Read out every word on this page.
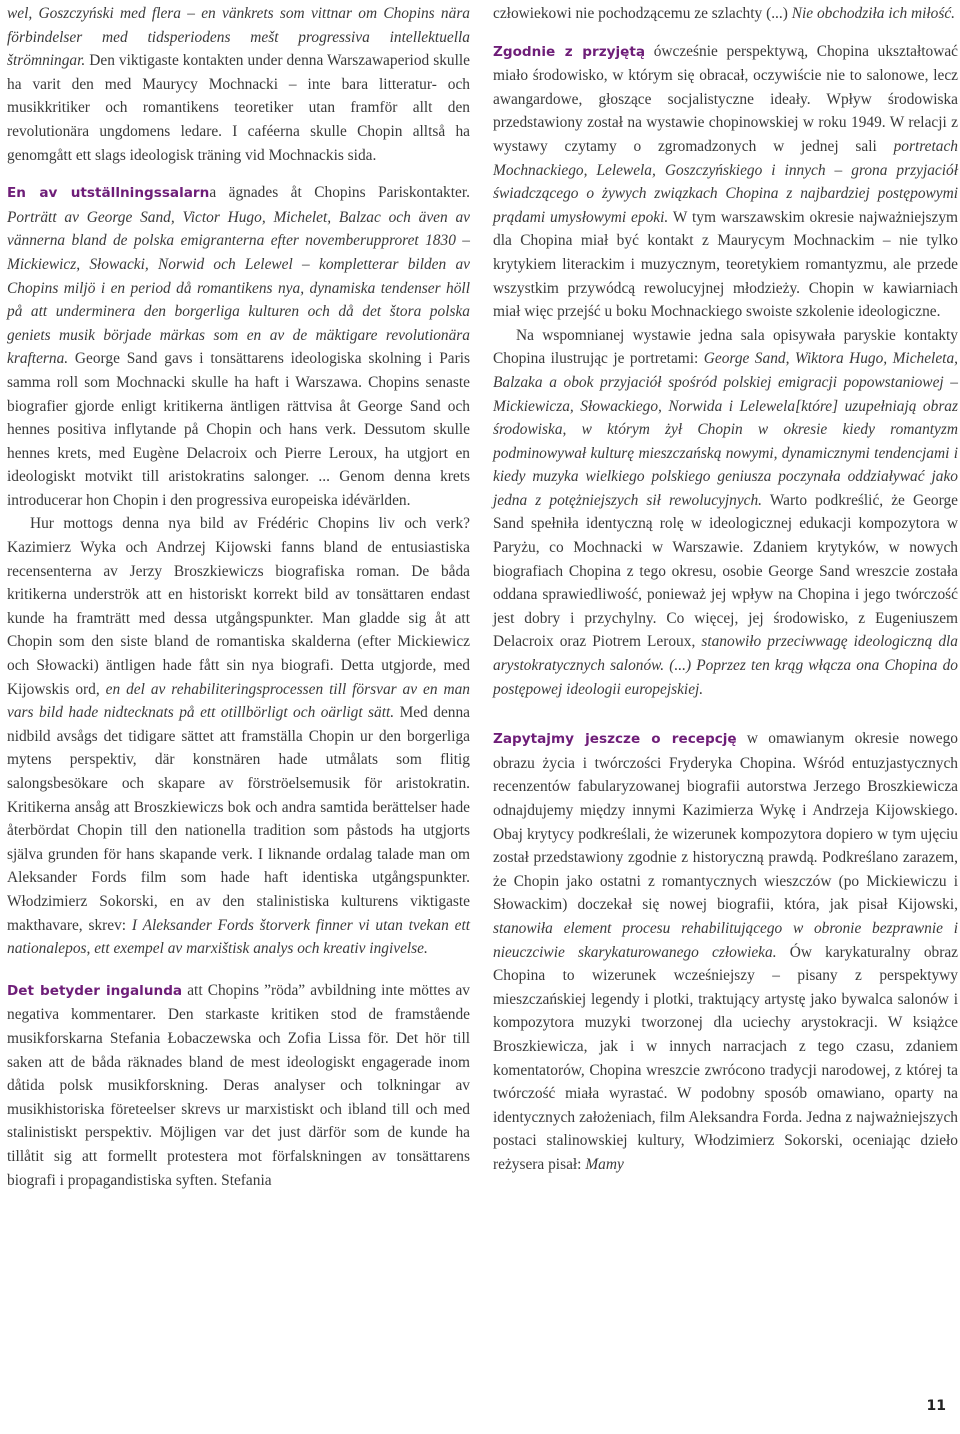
wel, Goszczyński med flera – en vänkrets som vittnar om Chopins nära förbindelser med tidsperiodens mešt progressiva intellektuella štrömningar. Den viktigaste kontakten under denna Warszawaperiod skulle ha varit den med Maurycy Mochnacki – inte bara litteratur- och musikkritiker och romantikens teoretiker utan framför allt den revolutionära ungdomens ledare. I caféerna skulle Chopin alltså ha genomgått ett slags ideologisk träning vid Mochnackis sida.

En av utställningssalarna ägnades åt Chopins Pariskontakter. Porträtt av George Sand, Victor Hugo, Michelet, Balzac och även av vännerna bland de polska emigranterna efter novemberupproret 1830 – Mickiewicz, Słowacki, Norwid och Lelewel – kompletterar bilden av Chopins miljö i en period då romantikens nya, dynamiska tendenser höll på att underminera den borgerliga kulturen och då det štora polska geniets musik började märkas som en av de mäktigare revolutionära krafterna. George Sand gavs i tonsättarens ideologiska skolning i Paris samma roll som Mochnacki skulle ha haft i Warszawa. Chopins senaste biografier gjorde enligt kritikerna äntligen rättvisa åt George Sand och hennes positiva inflytande på Chopin och hans verk. Dessutom skulle hennes krets, med Eugène Delacroix och Pierre Leroux, ha utgjort en ideologiskt motvikt till aristokratins salonger. ... Genom denna krets introducerar hon Chopin i den progressiva europeiska idévärlden.

Hur mottogs denna nya bild av Frédéric Chopins liv och verk? Kazimierz Wyka och Andrzej Kijowski fanns bland de entusiastiska recensenterna av Jerzy Broszkiewiczs biografiska roman. De båda kritikerna underströk att en historiskt korrekt bild av tonsättaren endast kunde ha framträtt med dessa utgångspunkter. Man gladde sig åt att Chopin som den siste bland de romantiska skalderna (efter Mickiewicz och Słowacki) äntligen hade fått sin nya biografi. Detta utgjorde, med Kijowskis ord, en del av rehabiliteringsprocessen till försvar av en man vars bild hade nidtecknats på ett otillbörligt och oärligt sätt. Med denna nidbild avsågs det tidigare sättet att framställa Chopin ur den borgerliga mytens perspektiv, där konstnären hade utmålats som flitig salongsbesökare och skapare av förströelsemusik för aristokratin. Kritikerna ansåg att Broszkiewiczs bok och andra samtida berättelser hade återbördat Chopin till den nationella tradition som påstods ha utgjorts själva grunden för hans skapande verk. I liknande ordalag talade man om Aleksander Fords film som hade haft identiska utgångspunkter. Włodzimierz Sokorski, en av den stalinistiska kulturens viktigaste makthavare, skrev: I Aleksander Fords štorverk finner vi utan tvekan ett nationalepos, ett exempel av marxištisk analys och kreativ ingivelse.

Det betyder ingalunda att Chopins ”röda” avbildning inte möttes av negativa kommentarer. Den starkaste kritiken stod de framstående musikforskarna Stefania Łobaczewska och Zofia Lissa för. Det hör till saken att de båda räknades bland de mest ideologiskt engagerade inom dåtida polsk musikforskning. Deras analyser och tolkningar av musikhistoriska företeelser skrevs ur marxistiskt och ibland till och med stalinistiskt perspektiv. Möjligen var det just därför som de kunde ha tillåtit sig att formellt protestera mot förfalskningen av tonsättarens biografi i propagandistiska syften. Stefania

człowiekowi nie pochodzącemu ze szlachty (...) Nie obchodziła ich miłość.

Zgodnie z przyjętą ówcześnie perspektywą, Chopina ukształtować miało środowisko, w którym się obracał, oczywiście nie to salonowe, lecz awangardowe, głoszące socjalistyczne ideały. Wpływ środowiska przedstawiony został na wystawie chopinowskiej w roku 1949. W relacji z wystawy czytamy o zgromadzonych w jednej sali portretach Mochnackiego, Lelewela, Goszczyńskiego i innych – grona przyjaciół świadczącego o żywych związkach Chopina z najbardziej postępowymi prądami umysłowymi epoki. W tym warszawskim okresie najważniejszym dla Chopina miał być kontakt z Maurycym Mochnackim – nie tylko krytykiem literackim i muzycznym, teoretykiem romantyzmu, ale przede wszystkim przywódcą rewolucyjnej młodzieży. Chopin w kawiarniach miał więc przejść u boku Mochnackiego swoiste szkolenie ideologiczne.

Na wspomnianej wystawie jedna sala opisywała paryskie kontakty Chopina ilustrując je portretami: George Sand, Wiktora Hugo, Micheleta, Balzaka a obok przyjaciół spośród polskiej emigracji popowstaniowej – Mickiewicza, Słowackiego, Norwida i Lelewela[które] uzupełniają obraz środowiska, w którym żył Chopin w okresie kiedy romantyzm podminowywał kulturę mieszczańską nowymi, dynamicznymi tendencjami i kiedy muzyka wielkiego polskiego geniusza poczynała oddziaływać jako jedna z potężniejszych sił rewolucyjnych. Warto podkreślić, że George Sand spełniła identyczną rolę w ideologicznej edukacji kompozytora w Paryżu, co Mochnacki w Warszawie. Zdaniem krytyków, w nowych biografiach Chopina z tego okresu, osobie George Sand wreszcie została oddana sprawiedliwość, ponieważ jej wpływ na Chopina i jego twórczość jest dobry i przychylny. Co więcej, jej środowisko, z Eugeniuszem Delacroix oraz Piotrem Leroux, stanowiło przeciwwagę ideologiczną dla arystokratycznych salonów. (...) Poprzez ten krąg włącza ona Chopina do postępowej ideologii europejskiej.

Zapytajmy jeszcze o recepcję w omawianym okresie nowego obrazu życia i twórczości Fryderyka Chopina. Wśród entuzjastycznych recenzentów fabularyzowanej biografii autorstwa Jerzego Broszkiewicza odnajdujemy między innymi Kazimierza Wykę i Andrzeja Kijowskiego. Obaj krytycy podkreślali, że wizerunek kompozytora dopiero w tym ujęciu został przedstawiony zgodnie z historyczną prawdą. Podkreślano zarazem, że Chopin jako ostatni z romantycznych wieszczów (po Mickiewiczu i Słowackim) doczekał się nowej biografii, która, jak pisał Kijowski, stanowiła element procesu rehabilitującego w obronie bezprawnie i nieuczciwie skarykaturowanego człowieka. Ów karykaturalny obraz Chopina to wizerunek wcześniejszy – pisany z perspektywy mieszczańskiej legendy i plotki, traktujący artystę jako bywalca salonów i kompozytora muzyki tworzonej dla uciechy arystokracji. W książce Broszkiewicza, jak i w innych narracjach z tego czasu, zdaniem komentatorów, Chopina wreszcie zwrócono tradycji narodowej, z której ta twórczość miała wyrastać. W podobny sposób omawiano, oparty na identycznych założeniach, film Aleksandra Forda. Jedna z najważniejszych postaci stalinowskiej kultury, Włodzimierz Sokorski, oceniając dzieło reżysera pisał: Mamy

11
